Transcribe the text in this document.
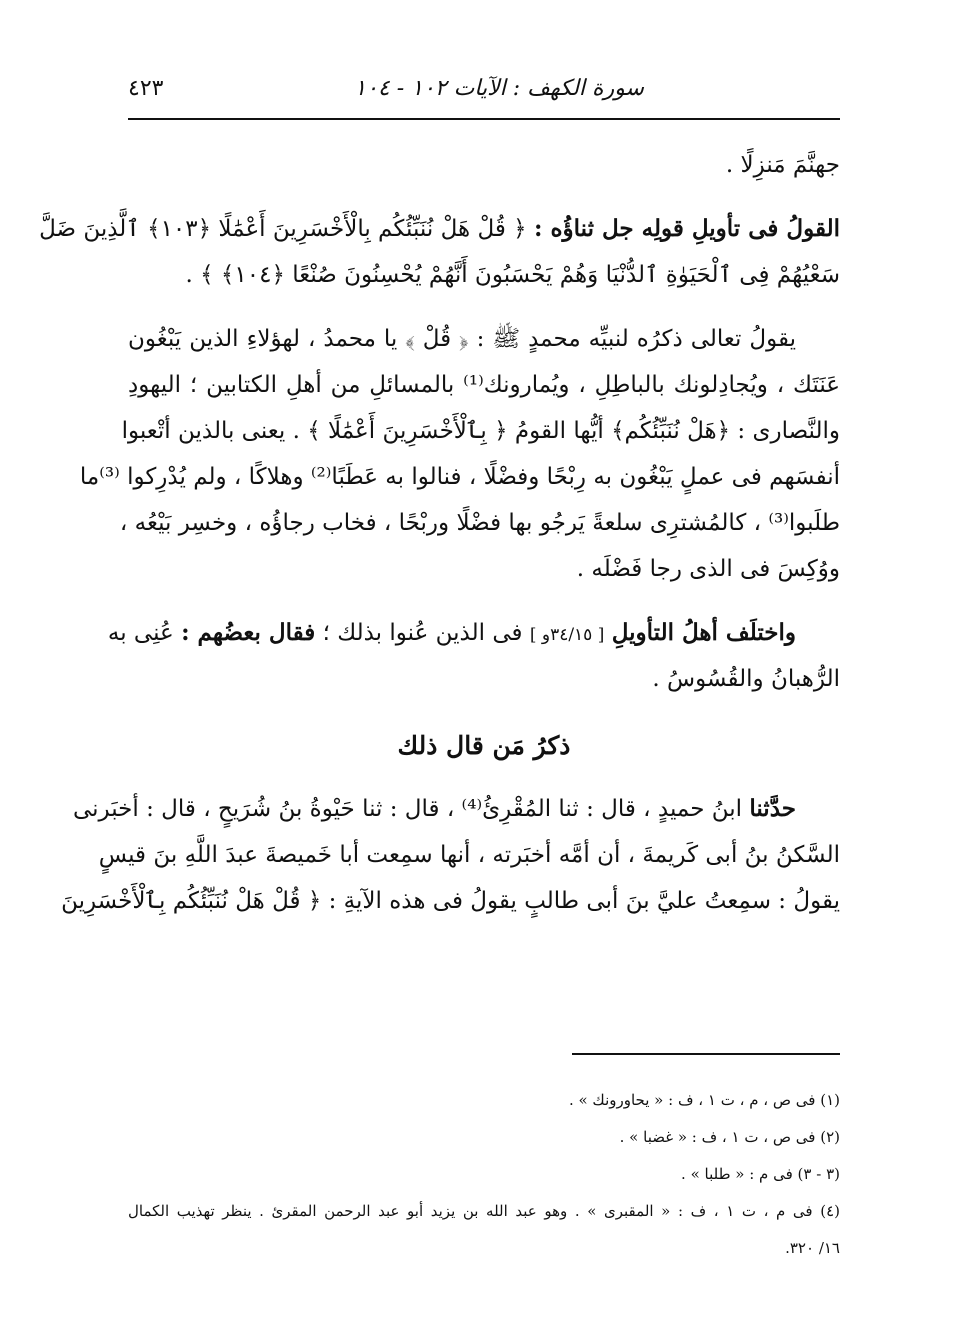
سورة الكهف : الآيات ١٠٢ - ١٠٤
٤٢٣
جهنَّمَ مَنزِلًا .
القولُ فى تأويلِ قولِه جل ثناؤُه : ﴿ قُلْ هَلْ نُنَبِّئُكُم بِالْأَخْسَرِينَ أَعْمَٰلًا ﴿١٠٣﴾ ٱلَّذِينَ ضَلَّ
سَعْيُهُمْ فِى ٱلْحَيَوٰةِ ٱلدُّنْيَا وَهُمْ يَحْسَبُونَ أَنَّهُمْ يُحْسِنُونَ صُنْعًا ﴿١٠٤﴾ ﴾ .
يقولُ تعالى ذكرُه لنبيِّه محمدٍ ﷺ : ﴿ قُلْ ﴾ يا محمدُ ، لهؤلاءِ الذين يَبْغُون
عَنَتَك ، ويُجادِلونك بالباطِلِ ، ويُمارونك⁽¹⁾ بالمسائلِ من أهلِ الكتابين ؛ اليهودِ
والنَّصارى : ﴿هَلْ نُنَبِّئُكُم﴾ أيُّها القومُ ﴿ بِٱلْأَخْسَرِينَ أَعْمَٰلًا ﴾ . يعنى بالذين أتْعبوا
أنفسَهم فى عملٍ يَبْغُون به رِبْحًا وفضْلًا ، فنالوا به عَطَبًا⁽²⁾ وهلاكًا ، ولم يُدْرِكوا ⁽³⁾ما
طلَبوا⁽³⁾ ، كالمُشترِى سلعةً يَرجُو بها فضْلًا وربْحًا ، فخاب رجاؤُه ، وخسِر بَيْعُه ،
ووُكِسَ فى الذى رجا فَضْلَه .
واختلَف أهلُ التأويلِ [ ٣٤/١٥و ] فى الذين عُنوا بذلك ؛ فقال بعضُهم : عُنِى به
الرُّهبانُ والقُسُوسُ .
ذكرُ مَن قال ذلك
حدَّثنا ابنُ حميدٍ ، قال : ثنا المُقْرِئُ⁽⁴⁾ ، قال : ثنا حَيْوةُ بنُ شُرَيحٍ ، قال : أخبَرنى
السَّكنُ بنُ أبى كَريمةَ ، أن أمَّه أخبَرته ، أنها سمِعت أبا خَميصةَ عبدَ اللَّهِ بنَ قيسٍ
يقولُ : سمِعتُ عليَّ بنَ أبى طالبٍ يقولُ فى هذه الآيةِ : ﴿ قُلْ هَلْ نُنَبِّئُكُم بِٱلْأَخْسَرِينَ
(١) فى ص ، م ، ت ١ ، ف : « يحاورونك » .
(٢) فى ص ، ت ١ ، ف : « غضبا » .
(٣ - ٣) فى م : « طلبا » .
(٤) فى م ، ت ١ ، ف : « المقبرى » . وهو عبد الله بن يزيد أبو عبد الرحمن المقرئ . ينظر تهذيب الكمال
١٦/ ٣٢٠.
